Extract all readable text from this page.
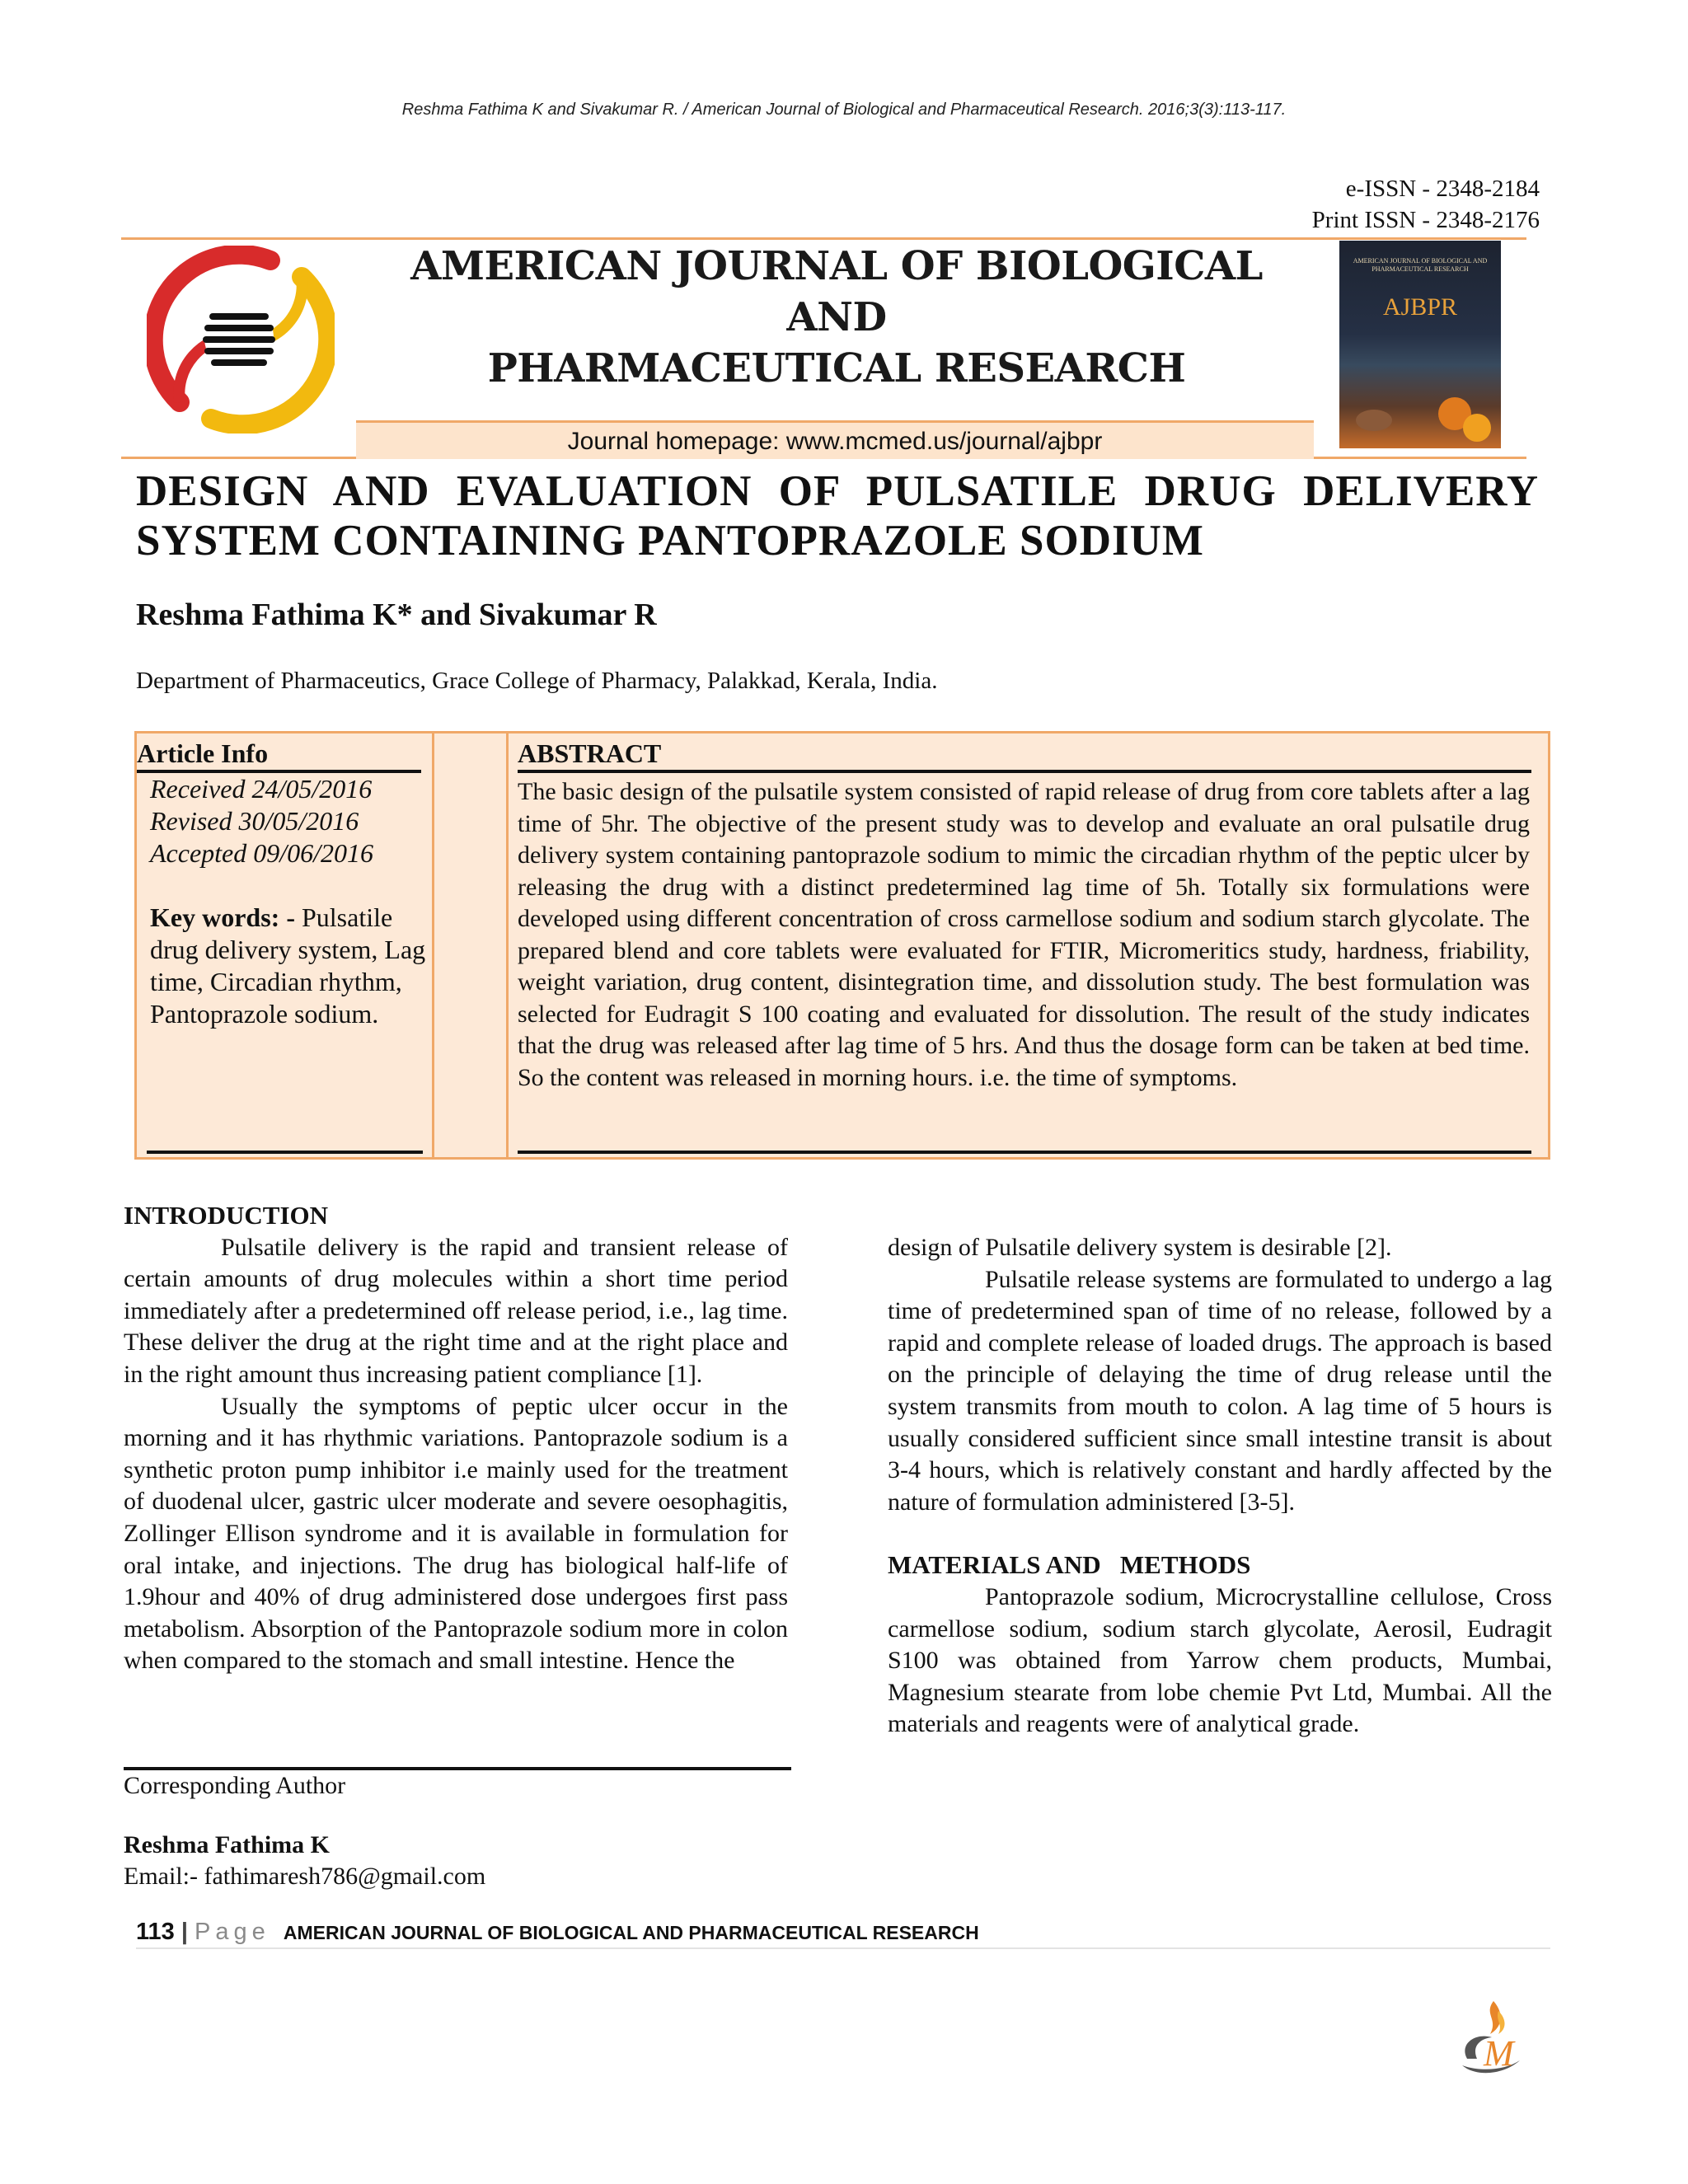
Reshma Fathima K and Sivakumar R. / American Journal of Biological and Pharmaceutical Research. 2016;3(3):113-117.
e-ISSN - 2348-2184
Print ISSN - 2348-2176
AMERICAN JOURNAL OF BIOLOGICAL AND
PHARMACEUTICAL RESEARCH
Journal homepage: www.mcmed.us/journal/ajbpr
AMERICAN JOURNAL OF BIOLOGICAL AND PHARMACEUTICAL RESEARCH
AJBPR
DESIGN AND EVALUATION OF PULSATILE DRUG DELIVERY
SYSTEM CONTAINING PANTOPRAZOLE SODIUM
Reshma Fathima K* and Sivakumar R
Department of Pharmaceutics, Grace College of Pharmacy, Palakkad, Kerala, India.
Article Info
Received 24/05/2016
Revised 30/05/2016
Accepted 09/06/2016
Key words: - Pulsatile drug delivery system, Lag time, Circadian rhythm, Pantoprazole sodium.
ABSTRACT
The basic design of the pulsatile system consisted of rapid release of drug from core tablets after a lag time of 5hr. The objective of the present study was to develop and evaluate an oral pulsatile drug delivery system containing pantoprazole sodium to mimic the circadian rhythm of the peptic ulcer by releasing the drug with a distinct predetermined lag time of 5h. Totally six formulations were developed using different concentration of cross carmellose sodium and sodium starch glycolate. The prepared blend and core tablets were evaluated for FTIR, Micromeritics study, hardness, friability, weight variation, drug content, disintegration time, and dissolution study. The best formulation was selected for Eudragit S 100 coating and evaluated for dissolution. The result of the study indicates that the drug was released after lag time of 5 hrs. And thus the dosage form can be taken at bed time. So the content was released in morning hours. i.e. the time of symptoms.
INTRODUCTION

Pulsatile delivery is the rapid and transient release of certain amounts of drug molecules within a short time period immediately after a predetermined off release period, i.e., lag time. These deliver the drug at the right time and at the right place and in the right amount thus increasing patient compliance [1].

Usually the symptoms of peptic ulcer occur in the morning and it has rhythmic variations. Pantoprazole sodium is a synthetic proton pump inhibitor i.e mainly used for the treatment of duodenal ulcer, gastric ulcer moderate and severe oesophagitis, Zollinger Ellison syndrome and it is available in formulation for oral intake, and injections. The drug has biological half-life of 1.9hour and 40% of drug administered dose undergoes first pass metabolism. Absorption of the Pantoprazole sodium more in colon when compared to the stomach and small intestine. Hence the

Corresponding Author
Reshma Fathima K
Email:- fathimaresh786@gmail.com

design of Pulsatile delivery system is desirable [2].

Pulsatile release systems are formulated to undergo a lag time of predetermined span of time of no release, followed by a rapid and complete release of loaded drugs. The approach is based on the principle of delaying the time of drug release until the system transmits from mouth to colon. A lag time of 5 hours is usually considered sufficient since small intestine transit is about 3-4 hours, which is relatively constant and hardly affected by the nature of formulation administered [3-5].

MATERIALS AND   METHODS

Pantoprazole sodium, Microcrystalline cellulose, Cross carmellose sodium, sodium starch glycolate, Aerosil, Eudragit S100 was obtained from Yarrow chem products, Mumbai, Magnesium stearate from lobe chemie Pvt Ltd, Mumbai. All the materials and reagents were of analytical grade.

113 | Page AMERICAN JOURNAL OF BIOLOGICAL AND PHARMACEUTICAL RESEARCH
M
